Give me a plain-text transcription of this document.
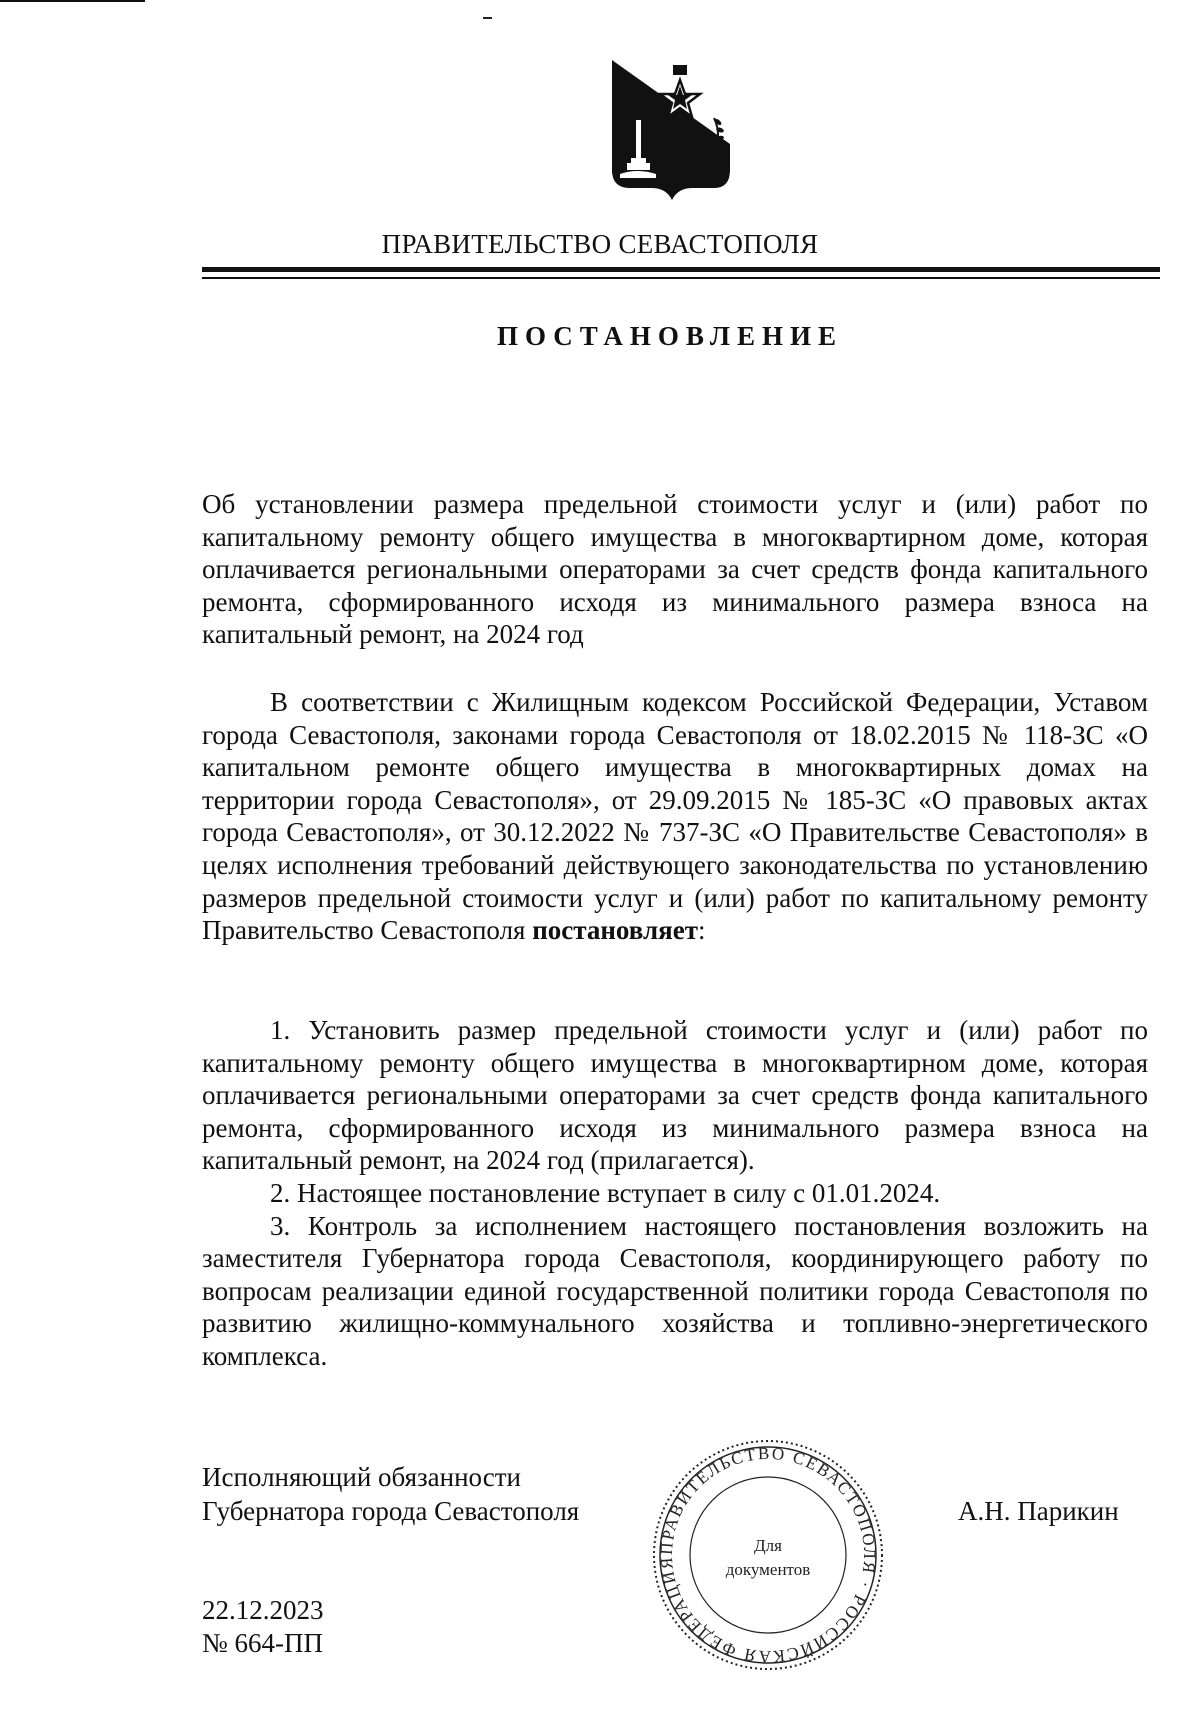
ПРАВИТЕЛЬСТВО СЕВАСТОПОЛЯ
ПОСТАНОВЛЕНИЕ
Об установлении размера предельной стоимости услуг и (или) работ по капитальному ремонту общего имущества в многоквартирном доме, которая оплачивается региональными операторами за счет средств фонда капитального ремонта, сформированного исходя из минимального размера взноса на капитальный ремонт, на 2024 год
В соответствии с Жилищным кодексом Российской Федерации, Уставом города Севастополя, законами города Севастополя от 18.02.2015 № 118-ЗС «О капитальном ремонте общего имущества в многоквартирных домах на территории города Севастополя», от 29.09.2015 № 185-ЗС «О правовых актах города Севастополя», от 30.12.2022 № 737-ЗС «О Правительстве Севастополя» в целях исполнения требований действующего законодательства по установлению размеров предельной стоимости услуг и (или) работ по капитальному ремонту Правительство Севастополя постановляет:

1. Установить размер предельной стоимости услуг и (или) работ по капитальному ремонту общего имущества в многоквартирном доме, которая оплачивается региональными операторами за счет средств фонда капитального ремонта, сформированного исходя из минимального размера взноса на капитальный ремонт, на 2024 год (прилагается).

2. Настоящее постановление вступает в силу с 01.01.2024.

3. Контроль за исполнением настоящего постановления возложить на заместителя Губернатора города Севастополя, координирующего работу по вопросам реализации единой государственной политики города Севастополя по развитию жилищно-коммунального хозяйства и топливно-энергетического комплекса.

Исполняющий обязанности
Губернатора города Севастополя	А.Н. Парикин
ПРАВИТЕЛЬСТВО СЕВАСТОПОЛЯ · РОССИЙСКАЯ ФЕДЕРАЦИЯ
Для
документов
22.12.2023
№ 664-ПП
